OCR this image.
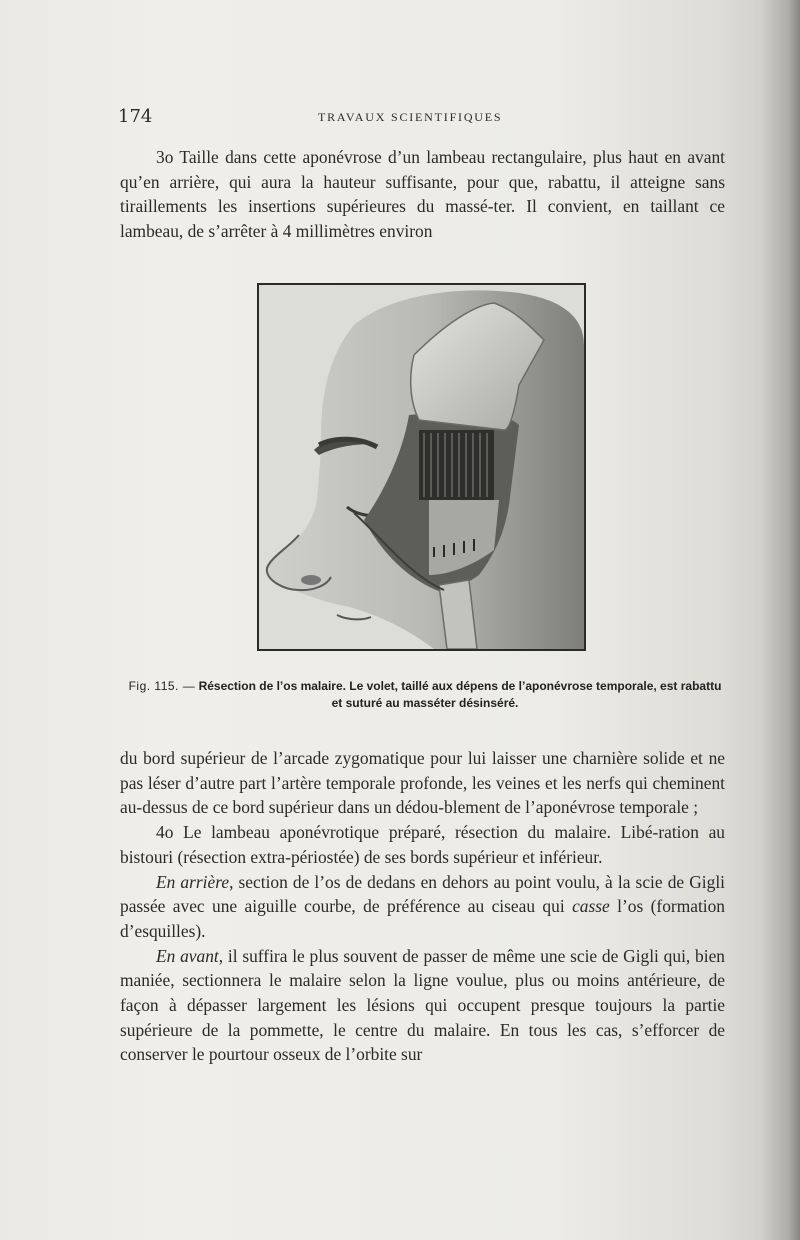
174	TRAVAUX SCIENTIFIQUES

3o Taille dans cette aponévrose d’un lambeau rectangulaire, plus haut en avant qu’en arrière, qui aura la hauteur suffisante, pour que, rabattu, il atteigne sans tiraillements les insertions supérieures du massé-ter. Il convient, en taillant ce lambeau, de s’arrêter à 4 millimètres environ

Fig. 115. — Résection de l’os malaire. Le volet, taillé aux dépens de l’aponévrose temporale, est rabattu et suturé au masséter désinséré.

du bord supérieur de l’arcade zygomatique pour lui laisser une charnière solide et ne pas léser d’autre part l’artère temporale profonde, les veines et les nerfs qui cheminent au-dessus de ce bord supérieur dans un dédou-blement de l’aponévrose temporale ;

4o Le lambeau aponévrotique préparé, résection du malaire. Libé-ration au bistouri (résection extra-périostée) de ses bords supérieur et inférieur.

En arrière, section de l’os de dedans en dehors au point voulu, à la scie de Gigli passée avec une aiguille courbe, de préférence au ciseau qui casse l’os (formation d’esquilles).

En avant, il suffira le plus souvent de passer de même une scie de Gigli qui, bien maniée, sectionnera le malaire selon la ligne voulue, plus ou moins antérieure, de façon à dépasser largement les lésions qui occupent presque toujours la partie supérieure de la pommette, le centre du malaire. En tous les cas, s’efforcer de conserver le pourtour osseux de l’orbite sur
